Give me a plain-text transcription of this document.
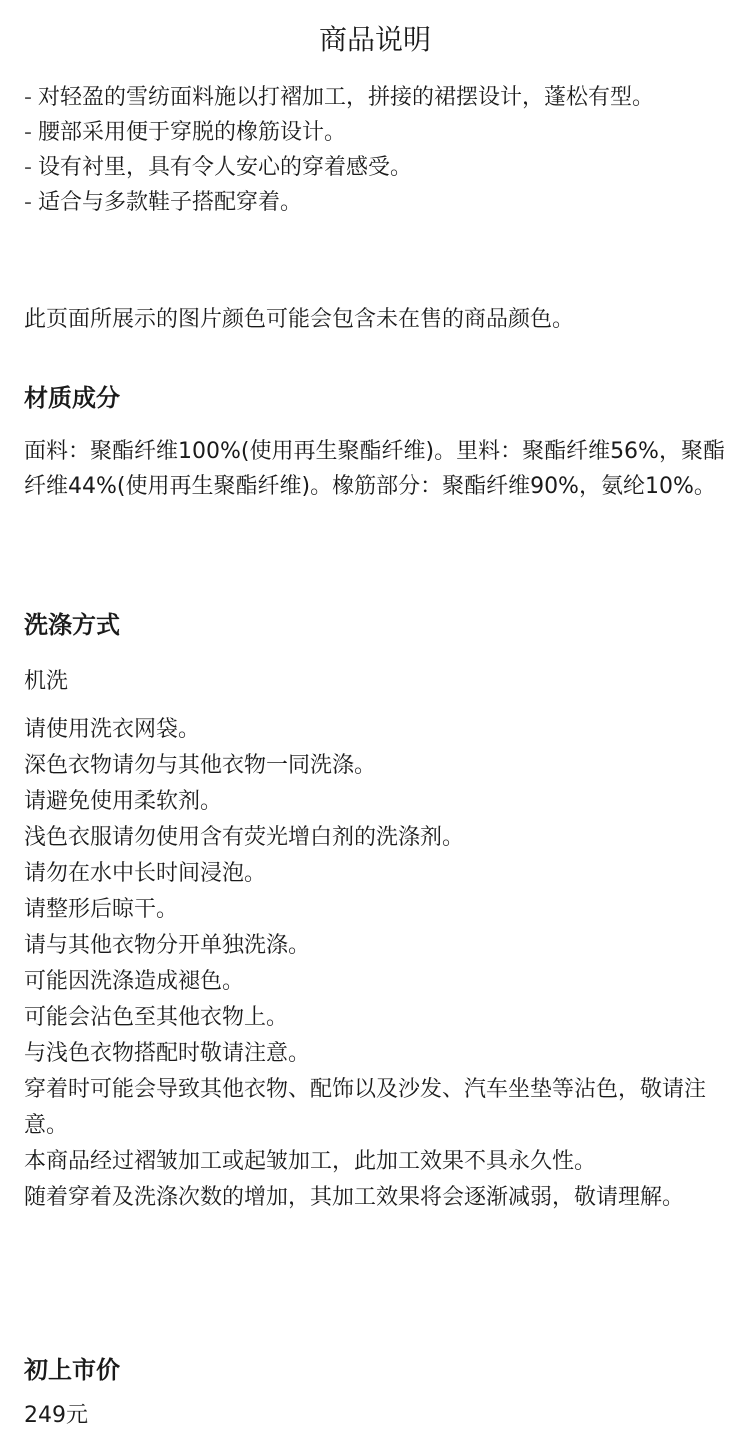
商品说明
- 对轻盈的雪纺面料施以打褶加工，拼接的裙摆设计，蓬松有型。
- 腰部采用便于穿脱的橡筋设计。
- 设有衬里，具有令人安心的穿着感受。
- 适合与多款鞋子搭配穿着。
此页面所展示的图片颜色可能会包含未在售的商品颜色。
材质成分
面料：聚酯纤维100%(使用再生聚酯纤维)。里料：聚酯纤维56%，聚酯纤维44%(使用再生聚酯纤维)。橡筋部分：聚酯纤维90%，氨纶10%。
洗涤方式
机洗
请使用洗衣网袋。
深色衣物请勿与其他衣物一同洗涤。
请避免使用柔软剂。
浅色衣服请勿使用含有荧光增白剂的洗涤剂。
请勿在水中长时间浸泡。
请整形后晾干。
请与其他衣物分开单独洗涤。
可能因洗涤造成褪色。
可能会沾色至其他衣物上。
与浅色衣物搭配时敬请注意。
穿着时可能会导致其他衣物、配饰以及沙发、汽车坐垫等沾色，敬请注意。
本商品经过褶皱加工或起皱加工，此加工效果不具永久性。
随着穿着及洗涤次数的增加，其加工效果将会逐渐减弱，敬请理解。
初上市价
249元
